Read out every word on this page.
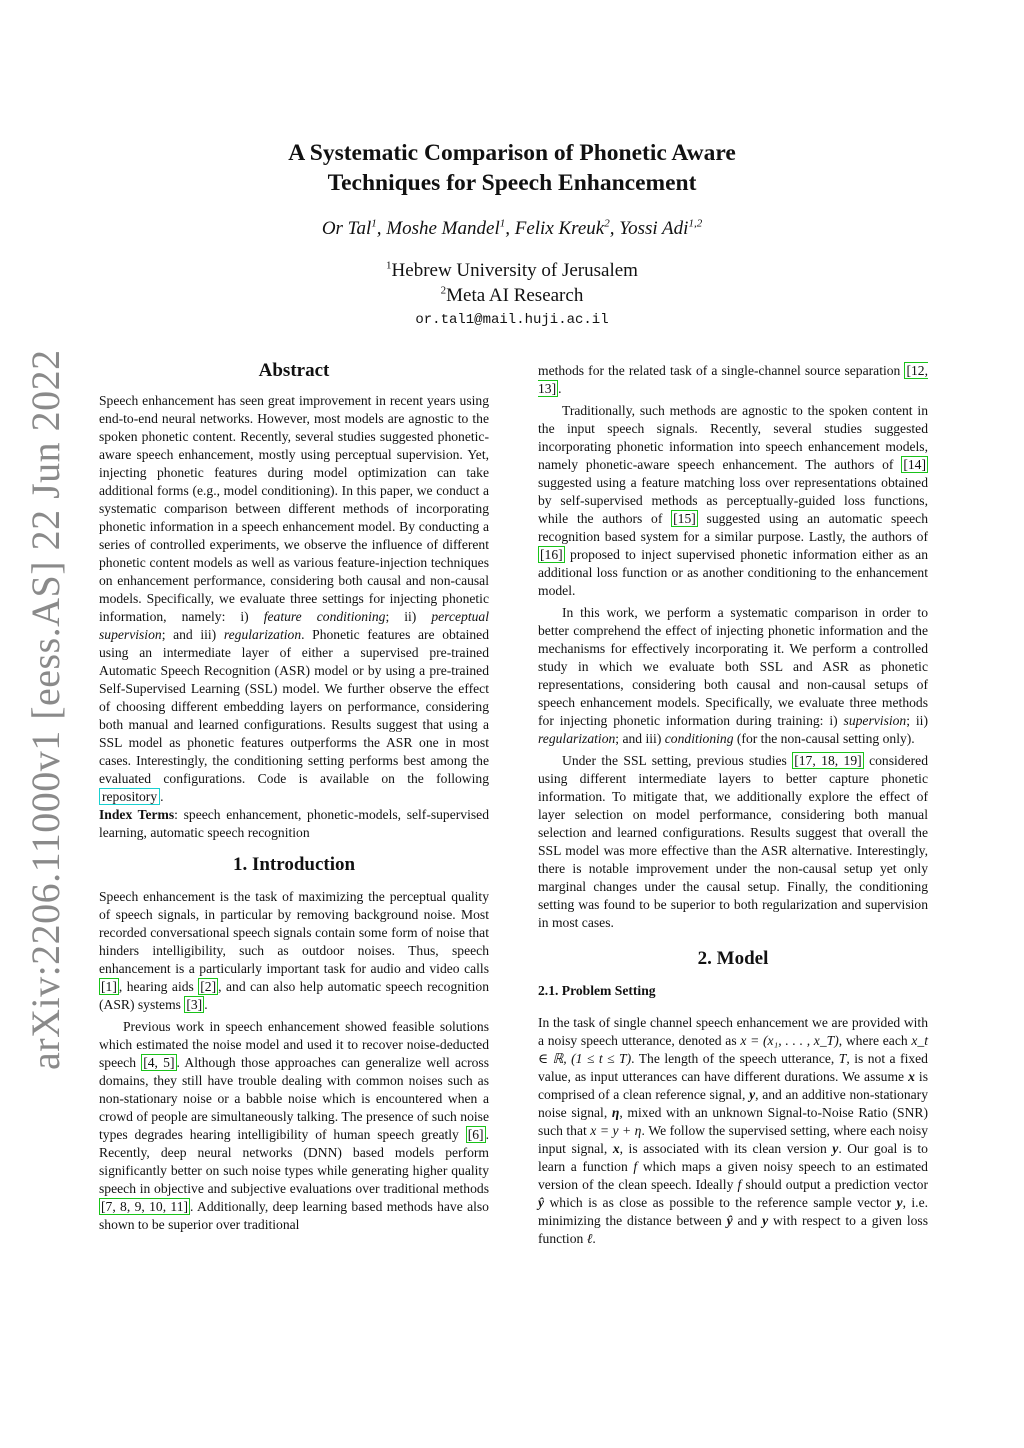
arXiv:2206.11000v1 [eess.AS] 22 Jun 2022
A Systematic Comparison of Phonetic Aware
Techniques for Speech Enhancement
Or Tal$^1$, Moshe Mandel$^1$, Felix Kreuk$^2$, Yossi Adi$^{1,2}$
$^1$Hebrew University of Jerusalem
$^2$Meta AI Research
or.tal1@mail.huji.ac.il
Abstract

Speech enhancement has seen great improvement in recent years using end-to-end neural networks. However, most models are agnostic to the spoken phonetic content. Recently, several studies suggested phonetic-aware speech enhancement, mostly using perceptual supervision. Yet, injecting phonetic features during model optimization can take additional forms (e.g., model conditioning). In this paper, we conduct a systematic comparison between different methods of incorporating phonetic information in a speech enhancement model. By conducting a series of controlled experiments, we observe the influence of different phonetic content models as well as various feature-injection techniques on enhancement performance, considering both causal and non-causal models. Specifically, we evaluate three settings for injecting phonetic information, namely: i) feature conditioning; ii) perceptual supervision; and iii) regularization. Phonetic features are obtained using an intermediate layer of either a supervised pre-trained Automatic Speech Recognition (ASR) model or by using a pre-trained Self-Supervised Learning (SSL) model. We further observe the effect of choosing different embedding layers on performance, considering both manual and learned configurations. Results suggest that using a SSL model as phonetic features outperforms the ASR one in most cases. Interestingly, the conditioning setting performs best among the evaluated configurations. Code is available on the following repository .

Index Terms: speech enhancement, phonetic-models, self-supervised learning, automatic speech recognition

1. Introduction

Speech enhancement is the task of maximizing the perceptual quality of speech signals, in particular by removing background noise. Most recorded conversational speech signals contain some form of noise that hinders intelligibility, such as outdoor noises. Thus, speech enhancement is a particularly important task for audio and video calls [1] , hearing aids [2] , and can also help automatic speech recognition (ASR) systems [3] .

Previous work in speech enhancement showed feasible solutions which estimated the noise model and used it to recover noise-deducted speech [4, 5] . Although those approaches can generalize well across domains, they still have trouble dealing with common noises such as non-stationary noise or a babble noise which is encountered when a crowd of people are simultaneously talking. The presence of such noise types degrades hearing intelligibility of human speech greatly [6] . Recently, deep neural networks (DNN) based models perform significantly better on such noise types while generating higher quality speech in objective and subjective evaluations over traditional methods [7, 8, 9, 10, 11] . Additionally, deep learning based methods have also shown to be superior over traditional

methods for the related task of a single-channel source separation [12, 13] .

Traditionally, such methods are agnostic to the spoken content in the input speech signals. Recently, several studies suggested incorporating phonetic information into speech enhancement models, namely phonetic-aware speech enhancement. The authors of [14] suggested using a feature matching loss over representations obtained by self-supervised methods as perceptually-guided loss functions, while the authors of [15] suggested using an automatic speech recognition based system for a similar purpose. Lastly, the authors of [16] proposed to inject supervised phonetic information either as an additional loss function or as another conditioning to the enhancement model.

In this work, we perform a systematic comparison in order to better comprehend the effect of injecting phonetic information and the mechanisms for effectively incorporating it. We perform a controlled study in which we evaluate both SSL and ASR as phonetic representations, considering both causal and non-causal setups of speech enhancement models. Specifically, we evaluate three methods for injecting phonetic information during training: i) supervision; ii) regularization; and iii) conditioning (for the non-causal setting only).

Under the SSL setting, previous studies [17, 18, 19] considered using different intermediate layers to better capture phonetic information. To mitigate that, we additionally explore the effect of layer selection on model performance, considering both manual selection and learned configurations. Results suggest that overall the SSL model was more effective than the ASR alternative. Interestingly, there is notable improvement under the non-causal setup yet only marginal changes under the causal setup. Finally, the conditioning setting was found to be superior to both regularization and supervision in most cases.

2. Model
2.1. Problem Setting

In the task of single channel speech enhancement we are provided with a noisy speech utterance, denoted as x = (x₁, . . . , x_T), where each x_t ∈ ℝ, (1 ≤ t ≤ T). The length of the speech utterance, T, is not a fixed value, as input utterances can have different durations. We assume x is comprised of a clean reference signal, y, and an additive non-stationary noise signal, η, mixed with an unknown Signal-to-Noise Ratio (SNR) such that x = y + η. We follow the supervised setting, where each noisy input signal, x, is associated with its clean version y. Our goal is to learn a function f which maps a given noisy speech to an estimated version of the clean speech. Ideally f should output a prediction vector ŷ which is as close as possible to the reference sample vector y, i.e. minimizing the distance between ŷ and y with respect to a given loss function ℓ.
